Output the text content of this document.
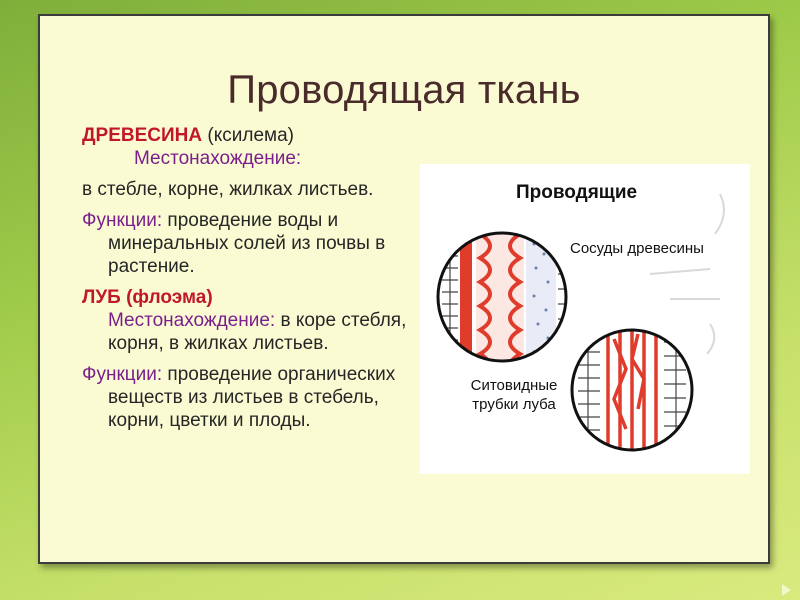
Проводящая ткань
ДРЕВЕСИНА (ксилема)
Местонахождение:
в стебле, корне, жилках листьев.
Функции: проведение воды и минеральных солей из почвы в растение.
ЛУБ (флоэма)
Местонахождение: в коре стебля, корня, в жилках листьев.
Функции: проведение органических веществ из листьев в стебель, корни, цветки и плоды.
Проводящие
Сосуды древесины
Ситовидные трубки луба
